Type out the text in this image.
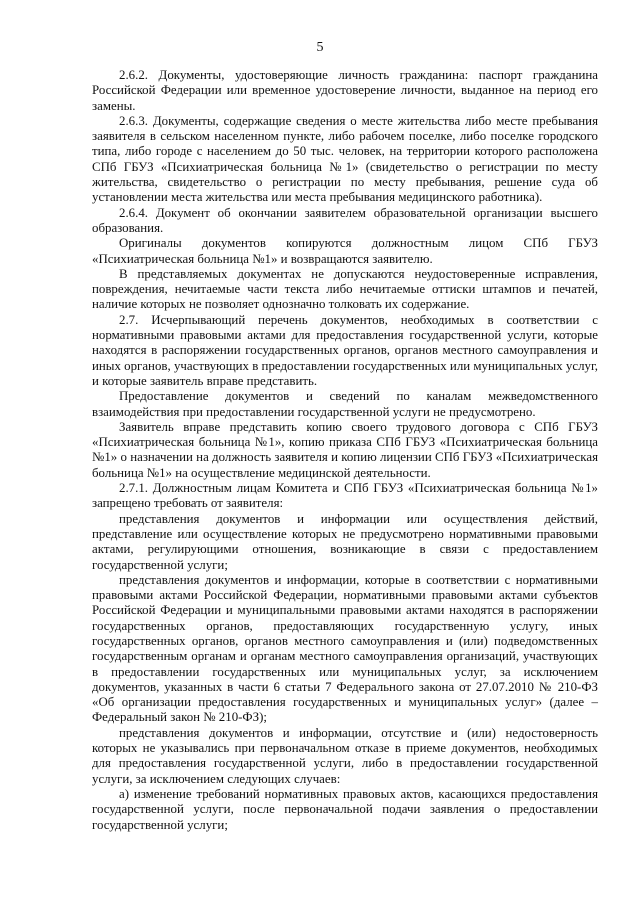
5

2.6.2. Документы, удостоверяющие личность гражданина: паспорт гражданина Российской Федерации или временное удостоверение личности, выданное на период его замены.

2.6.3. Документы, содержащие сведения о месте жительства либо месте пребывания заявителя в сельском населенном пункте, либо рабочем поселке, либо поселке городского типа, либо городе с населением до 50 тыс. человек, на территории которого расположена СПб ГБУЗ «Психиатрическая больница №1» (свидетельство о регистрации по месту жительства, свидетельство о регистрации по месту пребывания, решение суда об установлении места жительства или места пребывания медицинского работника).

2.6.4. Документ об окончании заявителем образовательной организации высшего образования.

Оригиналы документов копируются должностным лицом СПб ГБУЗ «Психиатрическая больница №1» и возвращаются заявителю.

В представляемых документах не допускаются неудостоверенные исправления, повреждения, нечитаемые части текста либо нечитаемые оттиски штампов и печатей, наличие которых не позволяет однозначно толковать их содержание.

2.7. Исчерпывающий перечень документов, необходимых в соответствии с нормативными правовыми актами для предоставления государственной услуги, которые находятся в распоряжении государственных органов, органов местного самоуправления и иных органов, участвующих в предоставлении государственных или муниципальных услуг, и которые заявитель вправе представить.

Предоставление документов и сведений по каналам межведомственного взаимодействия при предоставлении государственной услуги не предусмотрено.

Заявитель вправе представить копию своего трудового договора с СПб ГБУЗ «Психиатрическая больница №1», копию приказа СПб ГБУЗ «Психиатрическая больница №1» о назначении на должность заявителя и копию лицензии СПб ГБУЗ «Психиатрическая больница №1» на осуществление медицинской деятельности.

2.7.1. Должностным лицам Комитета и СПб ГБУЗ «Психиатрическая больница №1» запрещено требовать от заявителя:

представления документов и информации или осуществления действий, представление или осуществление которых не предусмотрено нормативными правовыми актами, регулирующими отношения, возникающие в связи с предоставлением государственной услуги;

представления документов и информации, которые в соответствии с нормативными правовыми актами Российской Федерации, нормативными правовыми актами субъектов Российской Федерации и муниципальными правовыми актами находятся в распоряжении государственных органов, предоставляющих государственную услугу, иных государственных органов, органов местного самоуправления и (или) подведомственных государственным органам и органам местного самоуправления организаций, участвующих в предоставлении государственных или муниципальных услуг, за исключением документов, указанных в части 6 статьи 7 Федерального закона от 27.07.2010 № 210-ФЗ «Об организации предоставления государственных и муниципальных услуг» (далее – Федеральный закон № 210-ФЗ);

представления документов и информации, отсутствие и (или) недостоверность которых не указывались при первоначальном отказе в приеме документов, необходимых для предоставления государственной услуги, либо в предоставлении государственной услуги, за исключением следующих случаев:

а) изменение требований нормативных правовых актов, касающихся предоставления государственной услуги, после первоначальной подачи заявления о предоставлении государственной услуги;
